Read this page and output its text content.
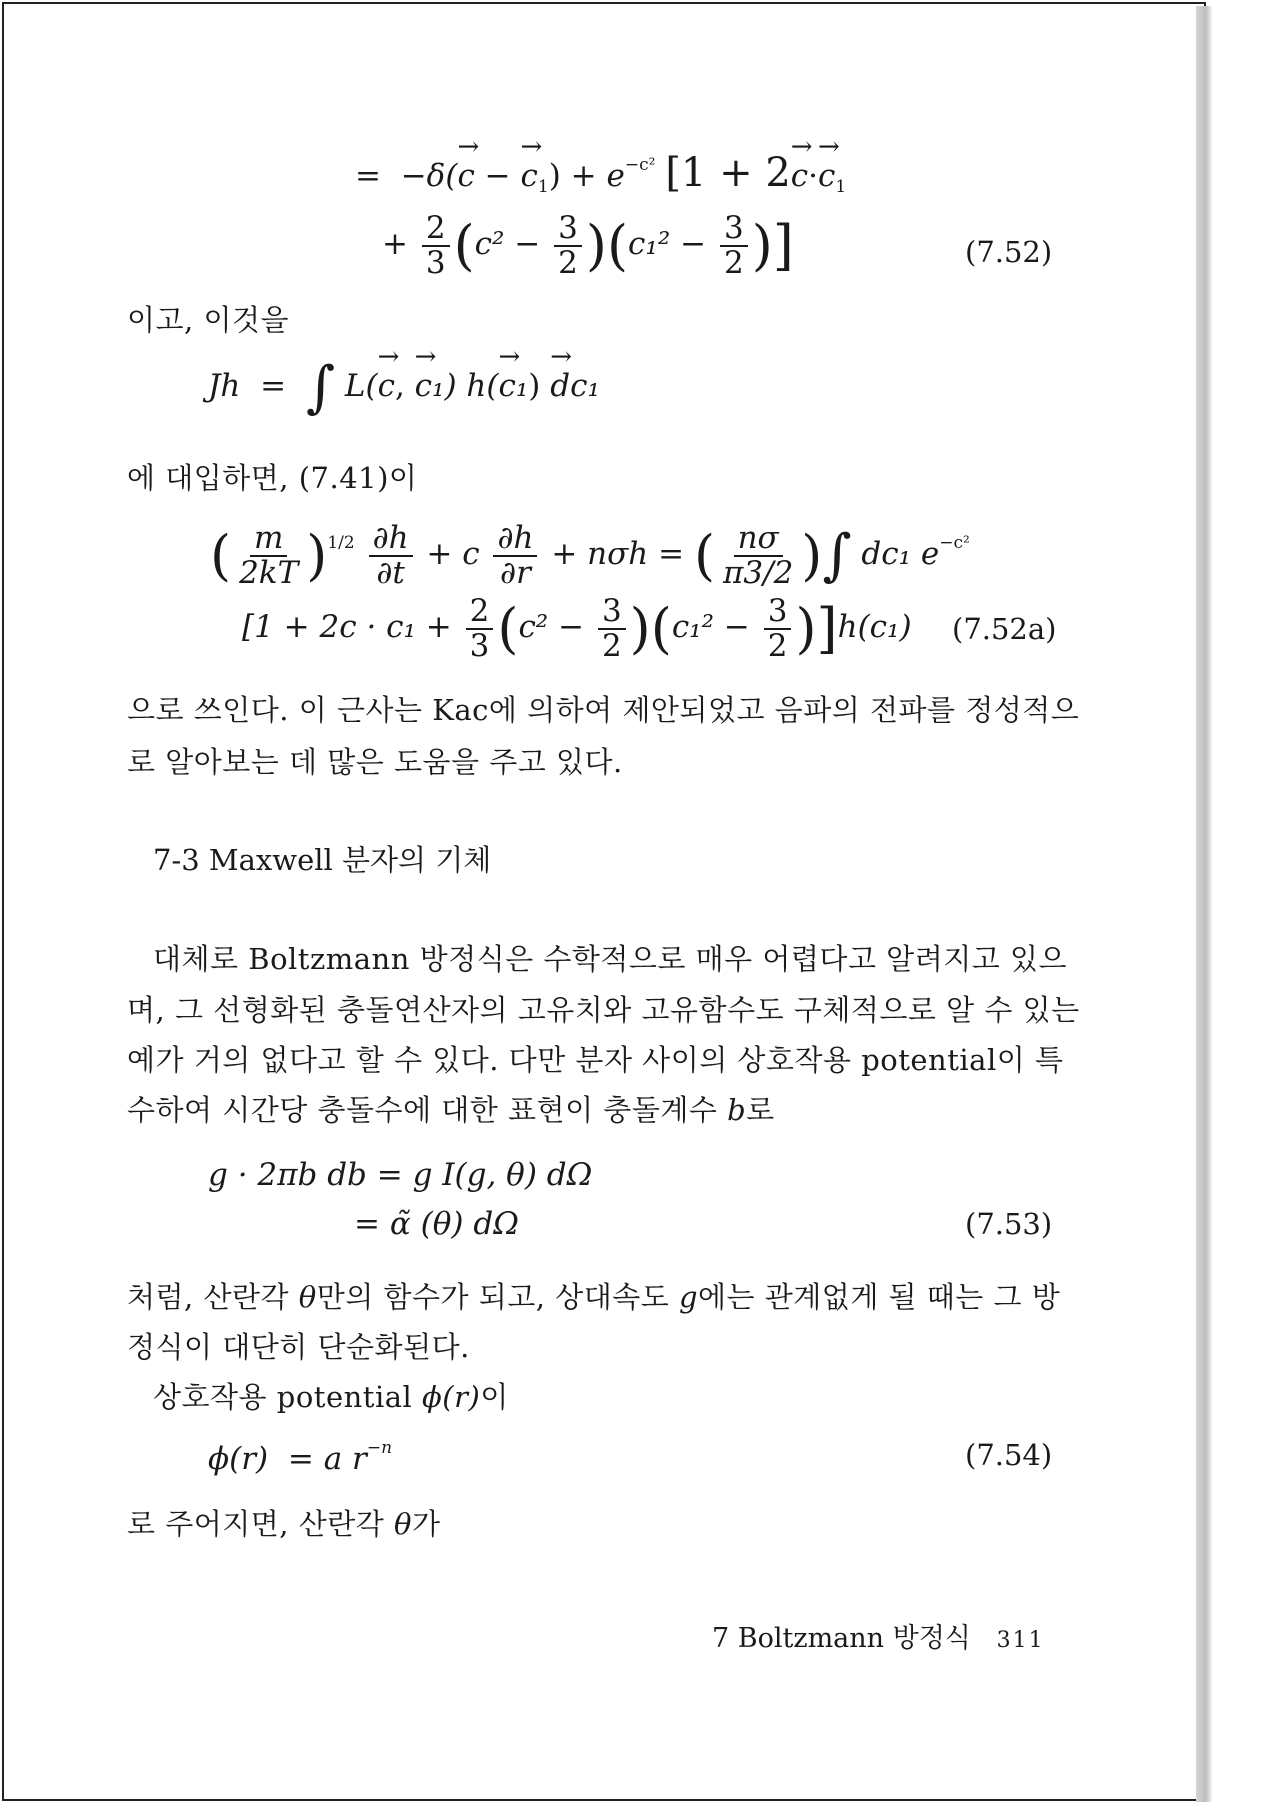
= −δ(→ c − → $c_1) + e^{-c^2}$ [$1 + 2\to c\cdot\to c_1$
+ $\frac{2}{3} (c^2 - \frac{3}{2} )(c_1^2 - \frac{3}{2}$ )]	(7.52)
이고, 이것을
Jh = ∫ L(→ c, → c₁) h(→ c₁) → dc₁
에 대입하면, (7.41)이
( $\frac{m}{2kT} )^{1/2} \frac{\partial h}{\partial t} + c \frac{\partial h}{\partial r} + n\sigma h$ = ( $\frac{n\sigma}{\pi 3/2}$ )∫ dc₁ $e^{-c^2}$
$[1 + 2c \cdot c_1 + \frac{2}{3} (c^2 - \frac{3}{2} )(c_1^2 - \frac{3}{2} )]h(c_1)$ (7.52a)
으로 쓰인다. 이 근사는 Kac에 의하여 제안되었고 음파의 전파를 정성적으
로 알아보는 데 많은 도움을 주고 있다.
7-3 Maxwell 분자의 기체
대체로 Boltzmann 방정식은 수학적으로 매우 어렵다고 알려지고 있으
며, 그 선형화된 충돌연산자의 고유치와 고유함수도 구체적으로 알 수 있는
예가 거의 없다고 할 수 있다. 다만 분자 사이의 상호작용 potential이 특
수하여 시간당 충돌수에 대한 표현이 충돌계수 b로
g · 2πb db = g I(g, θ) dΩ
= α̃ (θ) dΩ	(7.53)
처럼, 산란각 θ만의 함수가 되고, 상대속도 g에는 관계없게 될 때는 그 방
정식이 대단히 단순화된다.
상호작용 potential ϕ(r)이
ϕ(r) = a $r^{-n}$	(7.54)
로 주어지면, 산란각 θ가
7 Boltzmann 방정식 311
